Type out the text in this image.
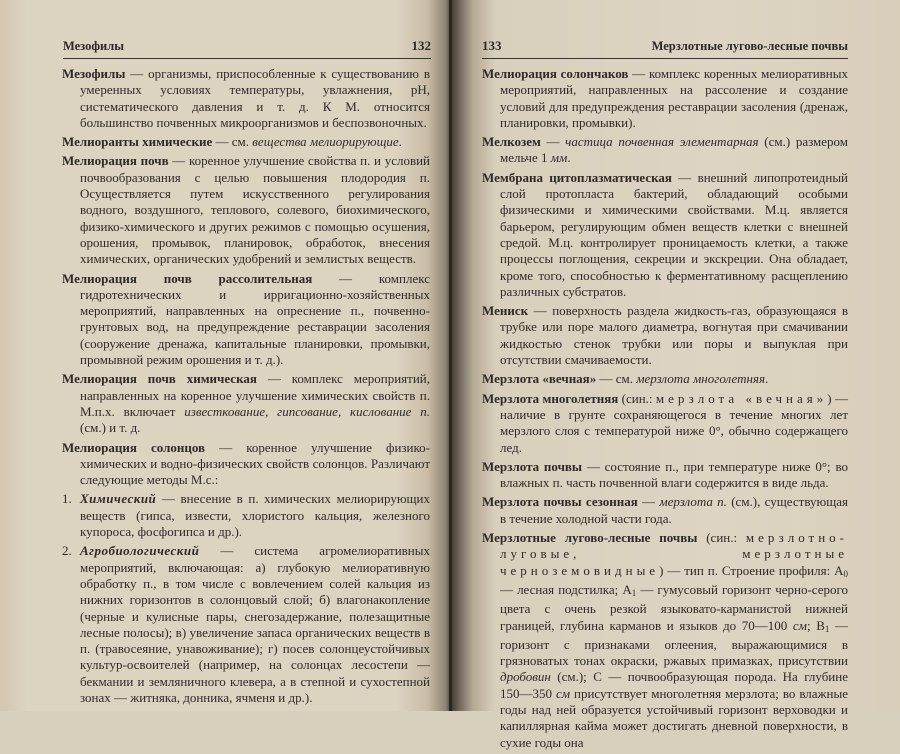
Мезофилы	132

Мезофилы — организмы, приспособленные к существованию в умеренных условиях температуры, увлажнения, pH, систематического давления и т. д. К М. относится большинство почвенных микроорганизмов и беспозвоночных.

Мелиоранты химические — см. вещества мелиорирующие.

Мелиорация почв — коренное улучшение свойства п. и условий почвообразования с целью повышения плодородия п. Осуществляется путем искусственного регулирования водного, воздушного, теплового, солевого, биохимического, физико-химического и других режимов с помощью осушения, орошения, промывок, планировок, обработок, внесения химических, органических удобрений и землистых веществ.

Мелиорация почв рассолительная — комплекс гидротехнических и ирригационно-хозяйственных мероприятий, направленных на опреснение п., почвенно-грунтовых вод, на предупреждение реставрации засоления (сооружение дренажа, капитальные планировки, промывки, промывной режим орошения и т. д.).

Мелиорация почв химическая — комплекс мероприятий, направленных на коренное улучшение химических свойств п. М.п.х. включает известкование, гипсование, кислование п. (см.) и т. д.

Мелиорация солонцов — коренное улучшение физико-химических и водно-физических свойств солонцов. Различают следующие методы М.с.:

1. Химический — внесение в п. химических мелиорирующих веществ (гипса, извести, хлористого кальция, железного купороса, фосфогипса и др.).

2. Агробиологический — система агромелиоративных мероприятий, включающая: а) глубокую мелиоративную обработку п., в том числе с вовлечением солей кальция из нижних горизонтов в солонцовый слой; б) влагонакопление (черные и кулисные пары, снегозадержание, полезащитные лесные полосы); в) увеличение запаса органических веществ в п. (травосеяние, унавоживание); г) посев солонцеустойчивых культур-освоителей (например, на солонцах лесостепи — бекмании и земляничного клевера, а в степной и сухостепной зонах — житняка, донника, ячменя и др.).

133	Мерзлотные лугово-лесные почвы

Мелиорация солончаков — комплекс коренных мелиоративных мероприятий, направленных на рассоление и создание условий для предупреждения реставрации засоления (дренаж, планировки, промывки).

Мелкозем — частица почвенная элементарная (см.) размером мельче 1 мм.

Мембрана цитоплазматическая — внешний липопротеидный слой протопласта бактерий, обладающий особыми физическими и химическими свойствами. М.ц. является барьером, регулирующим обмен веществ клетки с внешней средой. М.ц. контролирует проницаемость клетки, а также процессы поглощения, секреции и экскреции. Она обладает, кроме того, способностью к ферментативному расщеплению различных субстратов.

Мениск — поверхность раздела жидкость-газ, образующаяся в трубке или поре малого диаметра, вогнутая при смачивании жидкостью стенок трубки или поры и выпуклая при отсутствии смачиваемости.

Мерзлота «вечная» — см. мерзлота многолетняя.

Мерзлота многолетняя (син.: мерзлота «вечная») — наличие в грунте сохраняющегося в течение многих лет мерзлого слоя с температурой ниже 0°, обычно содержащего лед.

Мерзлота почвы — состояние п., при температуре ниже 0°; во влажных п. часть почвенной влаги содержится в виде льда.

Мерзлота почвы сезонная — мерзлота п. (см.), существующая в течение холодной части года.

Мерзлотные лугово-лесные почвы (син.: мерзлотно-луговые, мерзлотные черноземовидные) — тип п. Строение профиля: $A_0$ — лесная подстилка; $A_1$ — гумусовый горизонт черно-серого цвета с очень резкой языковато-карманистой нижней границей, глубина карманов и языков до 70—100 см; $B_1$ — горизонт с признаками оглеения, выражающимися в грязноватых тонах окраски, ржавых примазках, присутствии дробовин (см.); C — почвообразующая порода. На глубине 150—350 см присутствует многолетняя мерзлота; во влажные годы над ней образуется устойчивый горизонт верховодки и капиллярная кайма может достигать дневной поверхности, в сухие годы она
